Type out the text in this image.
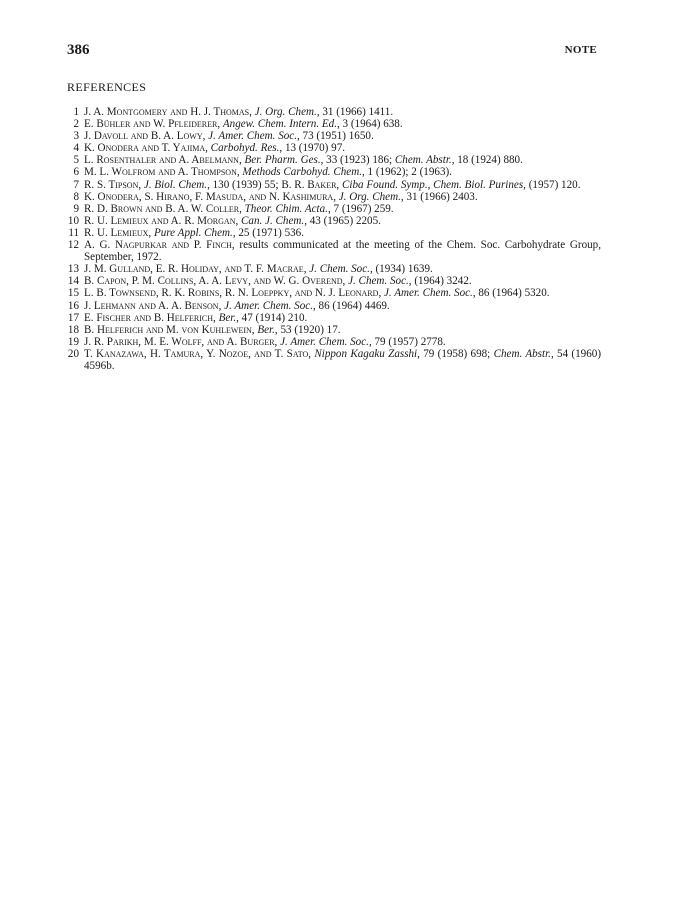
386	NOTE
REFERENCES
1 J. A. Montgomery and H. J. Thomas, J. Org. Chem., 31 (1966) 1411.
2 E. Bühler and W. Pfleiderer, Angew. Chem. Intern. Ed., 3 (1964) 638.
3 J. Davoll and B. A. Lowy, J. Amer. Chem. Soc., 73 (1951) 1650.
4 K. Onodera and T. Yajima, Carbohyd. Res., 13 (1970) 97.
5 L. Rosenthaler and A. Abelmann, Ber. Pharm. Ges., 33 (1923) 186; Chem. Abstr., 18 (1924) 880.
6 M. L. Wolfrom and A. Thompson, Methods Carbohyd. Chem., 1 (1962); 2 (1963).
7 R. S. Tipson, J. Biol. Chem., 130 (1939) 55; B. R. Baker, Ciba Found. Symp., Chem. Biol. Purines, (1957) 120.
8 K. Onodera, S. Hirano, F. Masuda, and N. Kashimura, J. Org. Chem., 31 (1966) 2403.
9 R. D. Brown and B. A. W. Coller, Theor. Chim. Acta., 7 (1967) 259.
10 R. U. Lemieux and A. R. Morgan, Can. J. Chem., 43 (1965) 2205.
11 R. U. Lemieux, Pure Appl. Chem., 25 (1971) 536.
12 A. G. Nagpurkar and P. Finch, results communicated at the meeting of the Chem. Soc. Carbohydrate Group, September, 1972.
13 J. M. Gulland, E. R. Holiday, and T. F. Macrae, J. Chem. Soc., (1934) 1639.
14 B. Capon, P. M. Collins, A. A. Levy, and W. G. Overend, J. Chem. Soc., (1964) 3242.
15 L. B. Townsend, R. K. Robins, R. N. Loeppky, and N. J. Leonard, J. Amer. Chem. Soc., 86 (1964) 5320.
16 J. Lehmann and A. A. Benson, J. Amer. Chem. Soc., 86 (1964) 4469.
17 E. Fischer and B. Helferich, Ber., 47 (1914) 210.
18 B. Helferich and M. von Kuhlewein, Ber., 53 (1920) 17.
19 J. R. Parikh, M. E. Wolff, and A. Burger, J. Amer. Chem. Soc., 79 (1957) 2778.
20 T. Kanazawa, H. Tamura, Y. Nozoe, and T. Sato, Nippon Kagaku Zasshi, 79 (1958) 698; Chem. Abstr., 54 (1960) 4596b.
